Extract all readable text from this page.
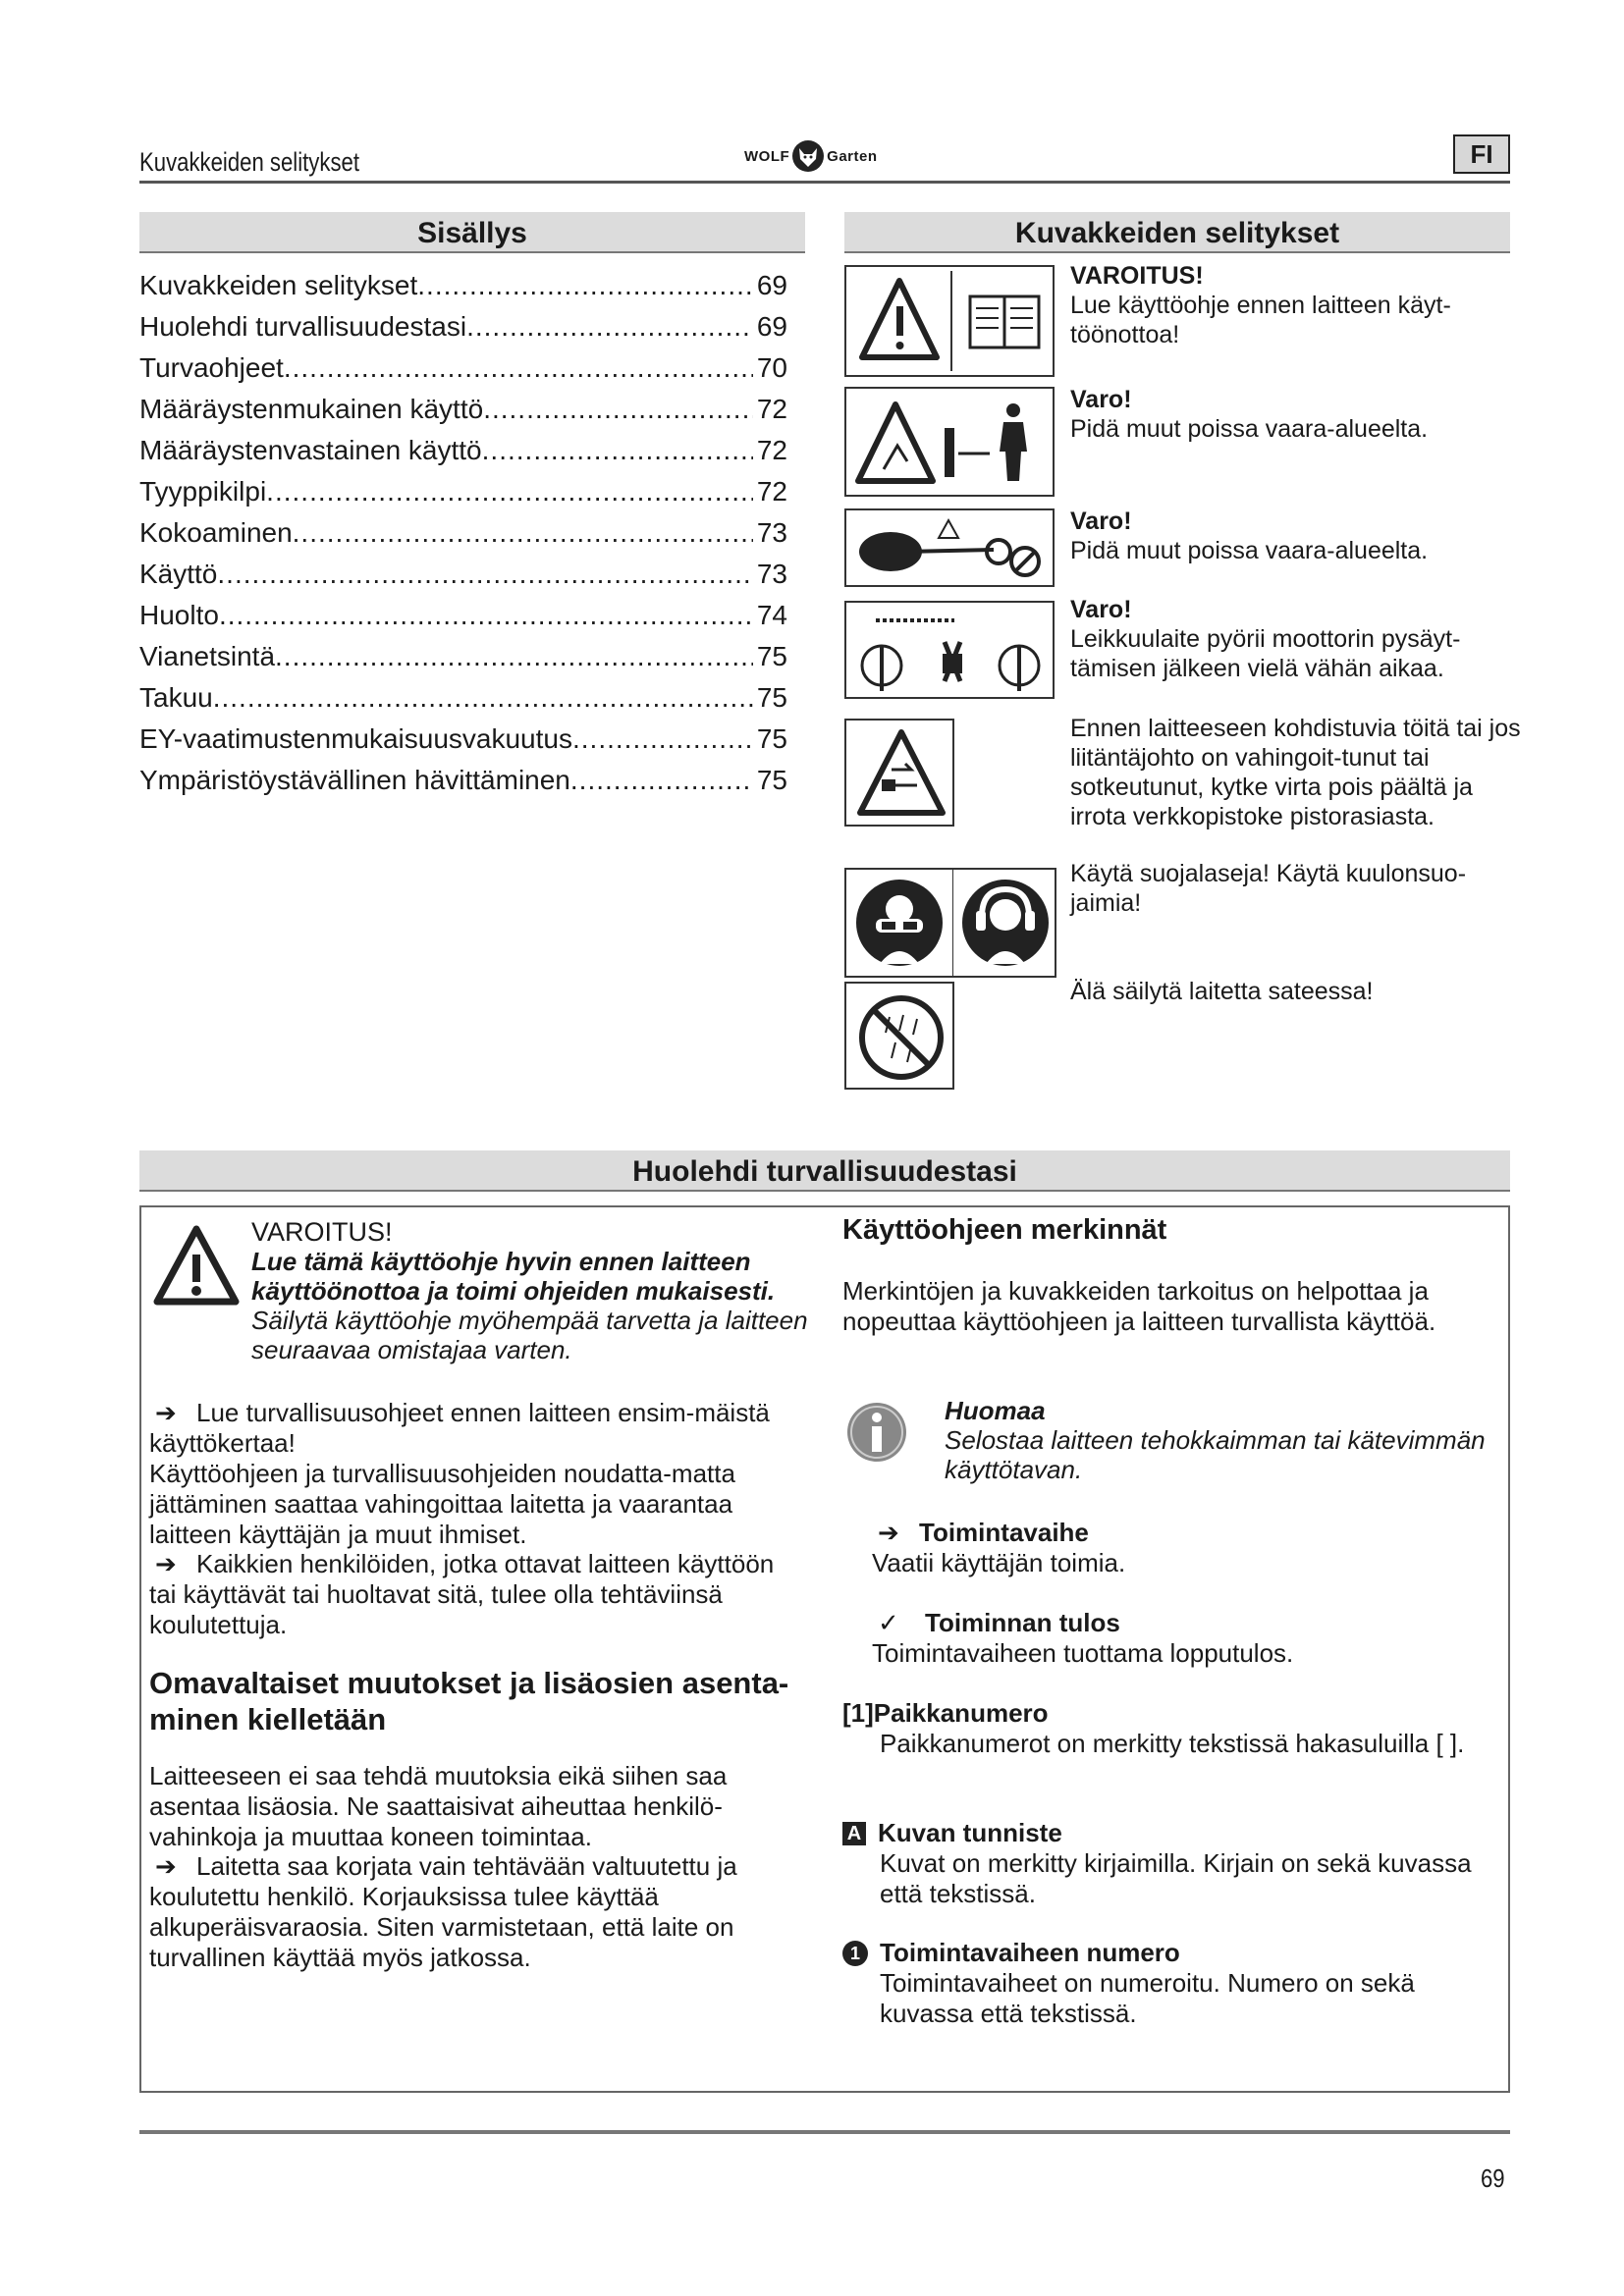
Kuvakkeiden selitykset	WOLF	Garten	FI
Sisällys
Kuvakkeiden selitykset .....	69
Huolehdi turvallisuudestasi .....	69
Turvaohjeet .....	70
Määräystenmukainen käyttö .....	72
Määräystenvastainen käyttö .....	72
Tyyppikilpi .....	72
Kokoaminen .....	73
Käyttö .....	73
Huolto .....	74
Vianetsintä .....	75
Takuu .....	75
EY-vaatimustenmukaisuusvakuutus .....	75
Ympäristöystävällinen hävittäminen .....	75
Kuvakkeiden selitykset
VAROITUS!
Lue käyttöohje ennen laitteen käyt-töönottoa!
Varo!
Pidä muut poissa vaara-alueelta.
Varo!
Pidä muut poissa vaara-alueelta.
Varo!
Leikkuulaite pyörii moottorin pysäyt-tämisen jälkeen vielä vähän aikaa.
Ennen laitteeseen kohdistuvia töitä tai jos liitäntäjohto on vahingoit-tunut tai sotkeutunut, kytke virta pois päältä ja irrota verkkopistoke pistorasiasta.
Käytä suojalaseja! Käytä kuulonsuo-jaimia!
Älä säilytä laitetta sateessa!
Huolehdi turvallisuudestasi
VAROITUS!
Lue tämä käyttöohje hyvin ennen laitteen käyttöönottoa ja toimi ohjeiden mukaisesti. Säilytä käyttöohje myöhempää tarvetta ja laitteen seuraavaa omistajaa varten.
➔ Lue turvallisuusohjeet ennen laitteen ensim-mäistä käyttökertaa!
Käyttöohjeen ja turvallisuusohjeiden noudatta-matta jättäminen saattaa vahingoittaa laitetta ja vaarantaa laitteen käyttäjän ja muut ihmiset.
➔ Kaikkien henkilöiden, jotka ottavat laitteen käyttöön tai käyttävät tai huoltavat sitä, tulee olla tehtäviinsä koulutettuja.
Omavaltaiset muutokset ja lisäosien asenta-minen kielletään
Laitteeseen ei saa tehdä muutoksia eikä siihen saa asentaa lisäosia. Ne saattaisivat aiheuttaa henkilö-vahinkoja ja muuttaa koneen toimintaa.
➔ Laitetta saa korjata vain tehtävään valtuutettu ja koulutettu henkilö. Korjauksissa tulee käyttää alkuperäisvaraosia. Siten varmistetaan, että laite on turvallinen käyttää myös jatkossa.
Käyttöohjeen merkinnät
Merkintöjen ja kuvakkeiden tarkoitus on helpottaa ja nopeuttaa käyttöohjeen ja laitteen turvallista käyttöä.
Huomaa
Selostaa laitteen tehokkaimman tai kätevimmän käyttötavan.
➔ Toimintavaihe
Vaatii käyttäjän toimia.
✓ Toiminnan tulos
Toimintavaiheen tuottama lopputulos.
[1]Paikkanumero
Paikkanumerot on merkitty tekstissä hakasuluilla [ ].
A Kuvan tunniste
Kuvat on merkitty kirjaimilla. Kirjain on sekä kuvassa että tekstissä.
1 Toimintavaiheen numero
Toimintavaiheet on numeroitu. Numero on sekä kuvassa että tekstissä.
69
